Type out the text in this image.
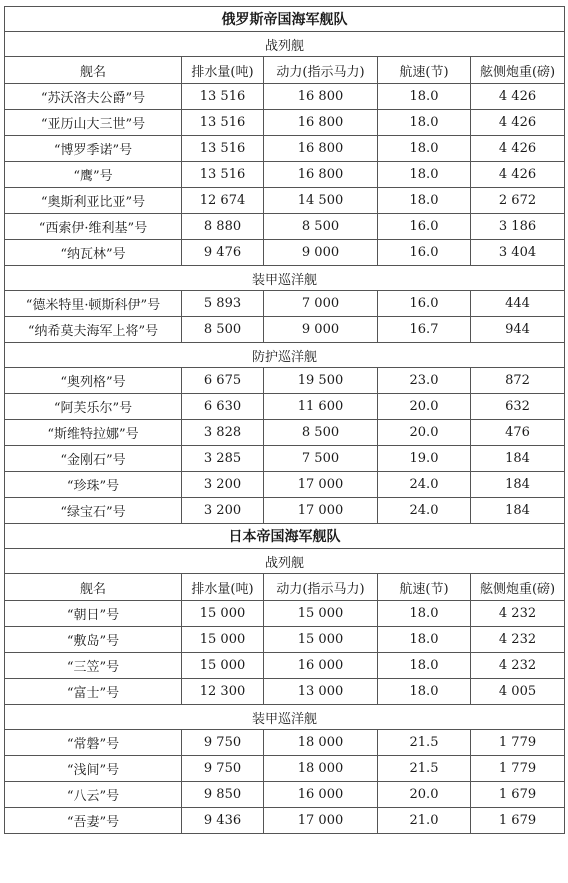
俄罗斯帝国海军舰队				
战列舰				
舰名	排水量(吨)	动力(指示马力)	航速(节)	舷侧炮重(磅)
“苏沃洛夫公爵”号	13 516	16 800	18.0	4 426
“亚历山大三世”号	13 516	16 800	18.0	4 426
“博罗季诺”号	13 516	16 800	18.0	4 426
“鹰”号	13 516	16 800	18.0	4 426
“奥斯利亚比亚”号	12 674	14 500	18.0	2 672
“西索伊·维利基”号	8 880	8 500	16.0	3 186
“纳瓦林”号	9 476	9 000	16.0	3 404
装甲巡洋舰				
“德米特里·顿斯科伊”号	5 893	7 000	16.0	444
“纳希莫夫海军上将”号	8 500	9 000	16.7	944
防护巡洋舰				
“奥列格”号	6 675	19 500	23.0	872
“阿芙乐尔”号	6 630	11 600	20.0	632
“斯维特拉娜”号	3 828	8 500	20.0	476
“金刚石”号	3 285	7 500	19.0	184
“珍珠”号	3 200	17 000	24.0	184
“绿宝石”号	3 200	17 000	24.0	184
日本帝国海军舰队				
战列舰				
舰名	排水量(吨)	动力(指示马力)	航速(节)	舷侧炮重(磅)
“朝日”号	15 000	15 000	18.0	4 232
“敷岛”号	15 000	15 000	18.0	4 232
“三笠”号	15 000	16 000	18.0	4 232
“富士”号	12 300	13 000	18.0	4 005
装甲巡洋舰				
“常磐”号	9 750	18 000	21.5	1 779
“浅间”号	9 750	18 000	21.5	1 779
“八云”号	9 850	16 000	20.0	1 679
“吾妻”号	9 436	17 000	21.0	1 679
